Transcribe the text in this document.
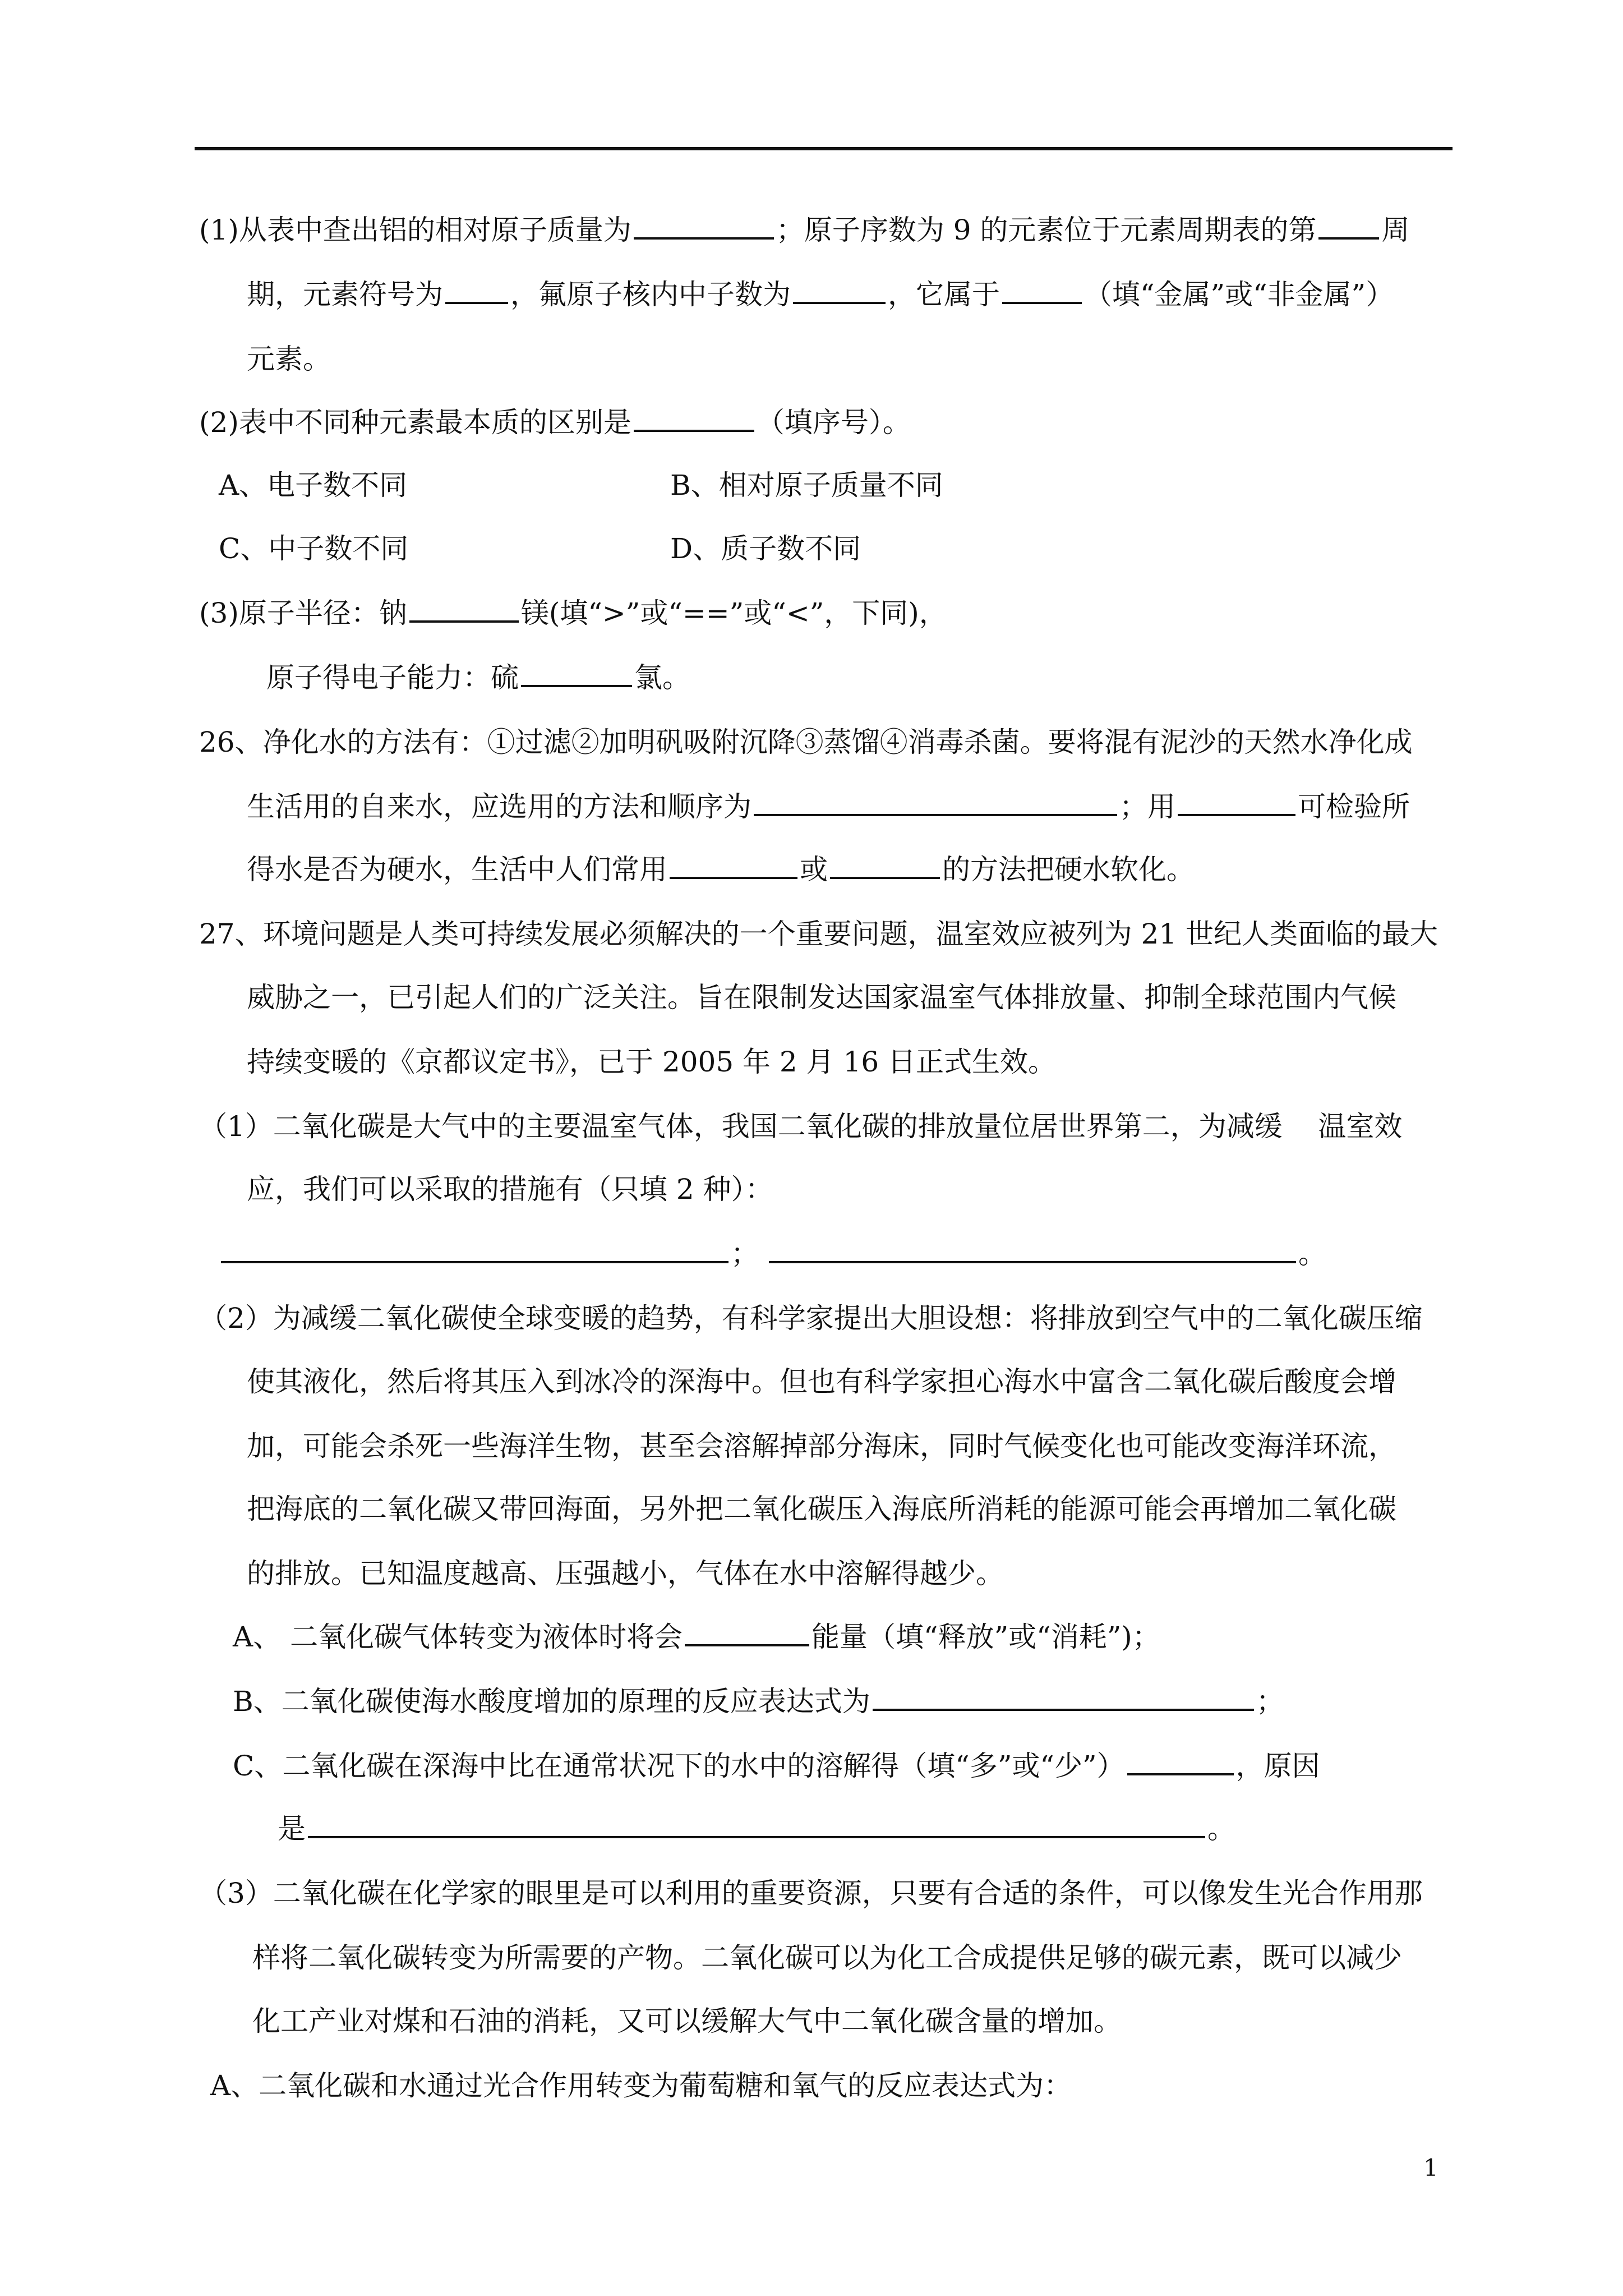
(1)从表中查出铝的相对原子质量为	；原子序数为 9 的元素位于元素周期表的第 周
期，元素符号为 ，氟原子核内中子数为	，它属于	（填“金属”或“非金属”）
元素。
(2)表中不同种元素最本质的区别是	（填序号）。
A、电子数不同	B、相对原子质量不同
C、中子数不同	D、质子数不同
(3)原子半径：钠	镁(填“>”或“==”或“<”，下同)，
原子得电子能力：硫	氯。
26、净化水的方法有：①过滤②加明矾吸附沉降③蒸馏④消毒杀菌。要将混有泥沙的天然水净化成
生活用的自来水，应选用的方法和顺序为	；用	可检验所
得水是否为硬水，生活中人们常用	或	的方法把硬水软化。
27、环境问题是人类可持续发展必须解决的一个重要问题，温室效应被列为 21 世纪人类面临的最大
威胁之一，已引起人们的广泛关注。旨在限制发达国家温室气体排放量、抑制全球范围内气候
持续变暖的《京都议定书》，已于 2005 年 2 月 16 日正式生效。
（1）二氧化碳是大气中的主要温室气体，我国二氧化碳的排放量位居世界第二，为减缓    温室效
应，我们可以采取的措施有（只填 2 种）：
；	。
（2）为减缓二氧化碳使全球变暖的趋势，有科学家提出大胆设想：将排放到空气中的二氧化碳压缩
使其液化，然后将其压入到冰冷的深海中。但也有科学家担心海水中富含二氧化碳后酸度会增
加，可能会杀死一些海洋生物，甚至会溶解掉部分海床，同时气候变化也可能改变海洋环流，
把海底的二氧化碳又带回海面，另外把二氧化碳压入海底所消耗的能源可能会再增加二氧化碳
的排放。已知温度越高、压强越小，气体在水中溶解得越少。
A、 二氧化碳气体转变为液体时将会	能量（填“释放”或“消耗”)；
B、二氧化碳使海水酸度增加的原理的反应表达式为	；
C、二氧化碳在深海中比在通常状况下的水中的溶解得（填“多”或“少”）	，原因
是	。
（3）二氧化碳在化学家的眼里是可以利用的重要资源，只要有合适的条件，可以像发生光合作用那
样将二氧化碳转变为所需要的产物。二氧化碳可以为化工合成提供足够的碳元素，既可以减少
化工产业对煤和石油的消耗，又可以缓解大气中二氧化碳含量的增加。
A、二氧化碳和水通过光合作用转变为葡萄糖和氧气的反应表达式为：
1
